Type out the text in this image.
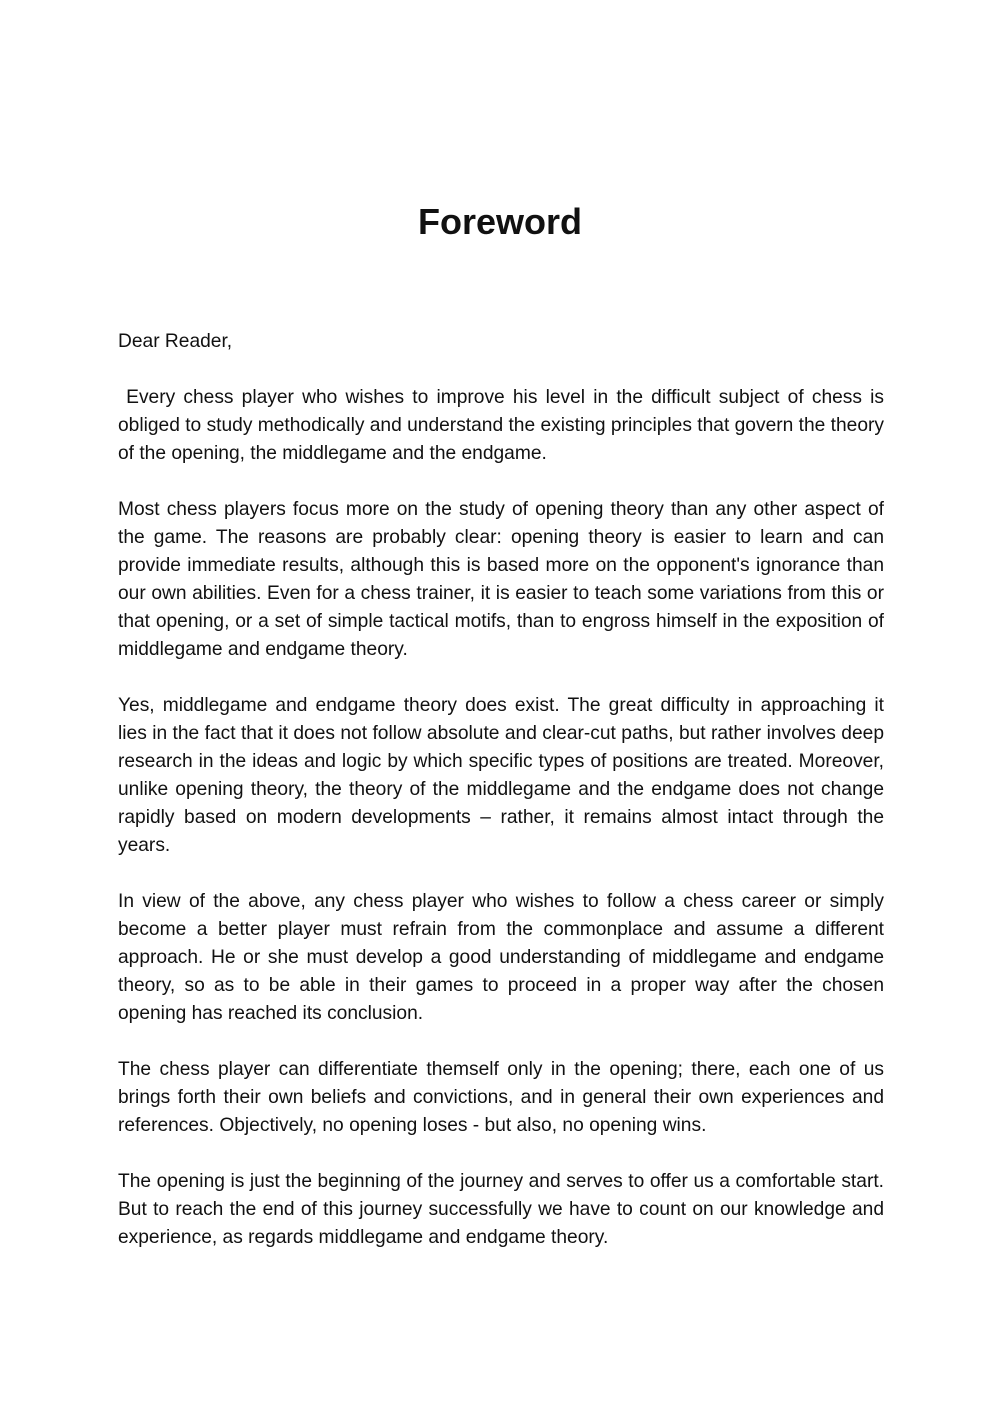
Foreword

Dear Reader,

Every chess player who wishes to improve his level in the difficult subject of chess is obliged to study methodically and understand the existing principles that govern the theory of the opening, the middlegame and the endgame.

Most chess players focus more on the study of opening theory than any other aspect of the game. The reasons are probably clear: opening theory is easier to learn and can provide immediate results, although this is based more on the opponent's ignorance than our own abilities. Even for a chess trainer, it is easier to teach some variations from this or that opening, or a set of simple tactical motifs, than to engross himself in the exposition of middlegame and endgame theory.

Yes, middlegame and endgame theory does exist. The great difficulty in approaching it lies in the fact that it does not follow absolute and clear-cut paths, but rather involves deep research in the ideas and logic by which specific types of positions are treated. Moreover, unlike opening theory, the theory of the middlegame and the endgame does not change rapidly based on modern developments – rather, it remains almost intact through the years.

In view of the above, any chess player who wishes to follow a chess career or simply become a better player must refrain from the commonplace and assume a different approach. He or she must develop a good understanding of middlegame and endgame theory, so as to be able in their games to proceed in a proper way after the chosen opening has reached its conclusion.

The chess player can differentiate themself only in the opening; there, each one of us brings forth their own beliefs and convictions, and in general their own experiences and references. Objectively, no opening loses - but also, no opening wins.

The opening is just the beginning of the journey and serves to offer us a comfortable start. But to reach the end of this journey successfully we have to count on our knowledge and experience, as regards middlegame and endgame theory.
